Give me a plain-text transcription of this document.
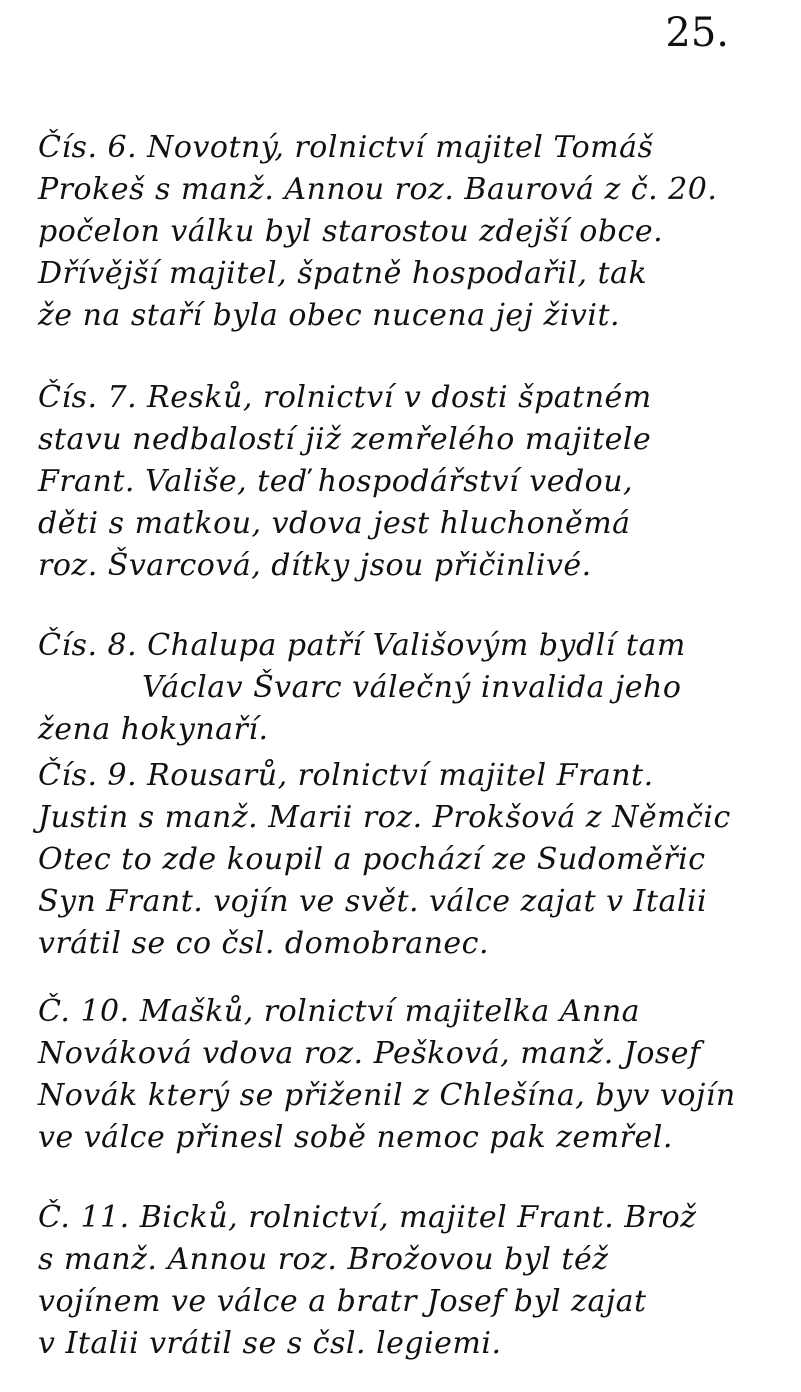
25.
Čís. 6. Novotný, rolnictví majitel Tomáš
Prokeš s manž. Annou roz. Baurová z č. 20.
počelon válku byl starostou zdejší obce.
Dřívější majitel, špatně hospodařil, tak
že na staří byla obec nucena jej živit.
Čís. 7. Resků, rolnictví v dosti špatném
stavu nedbalostí již zemřelého majitele
Frant. Vališe, teď hospodářství vedou,
děti s matkou, vdova jest hluchoněmá
roz. Švarcová, dítky jsou přičinlivé.
Čís. 8. Chalupa patří Vališovým bydlí tam
Václav Švarc válečný invalida jeho
žena hokynaří.
Čís. 9. Rousarů, rolnictví majitel Frant.
Justin s manž. Marii roz. Prokšová z Němčic
Otec to zde koupil a pochází ze Sudoměřic
Syn Frant. vojín ve svět. válce zajat v Italii
vrátil se co čsl. domobranec.
Č. 10. Mašků, rolnictví majitelka Anna
Nováková vdova roz. Pešková, manž. Josef
Novák který se přiženil z Chlešína, byv vojín
ve válce přinesl sobě nemoc pak zemřel.
Č. 11. Bicků, rolnictví, majitel Frant. Brož
s manž. Annou roz. Brožovou byl též
vojínem ve válce a bratr Josef byl zajat
v Italii vrátil se s čsl. legiemi.
